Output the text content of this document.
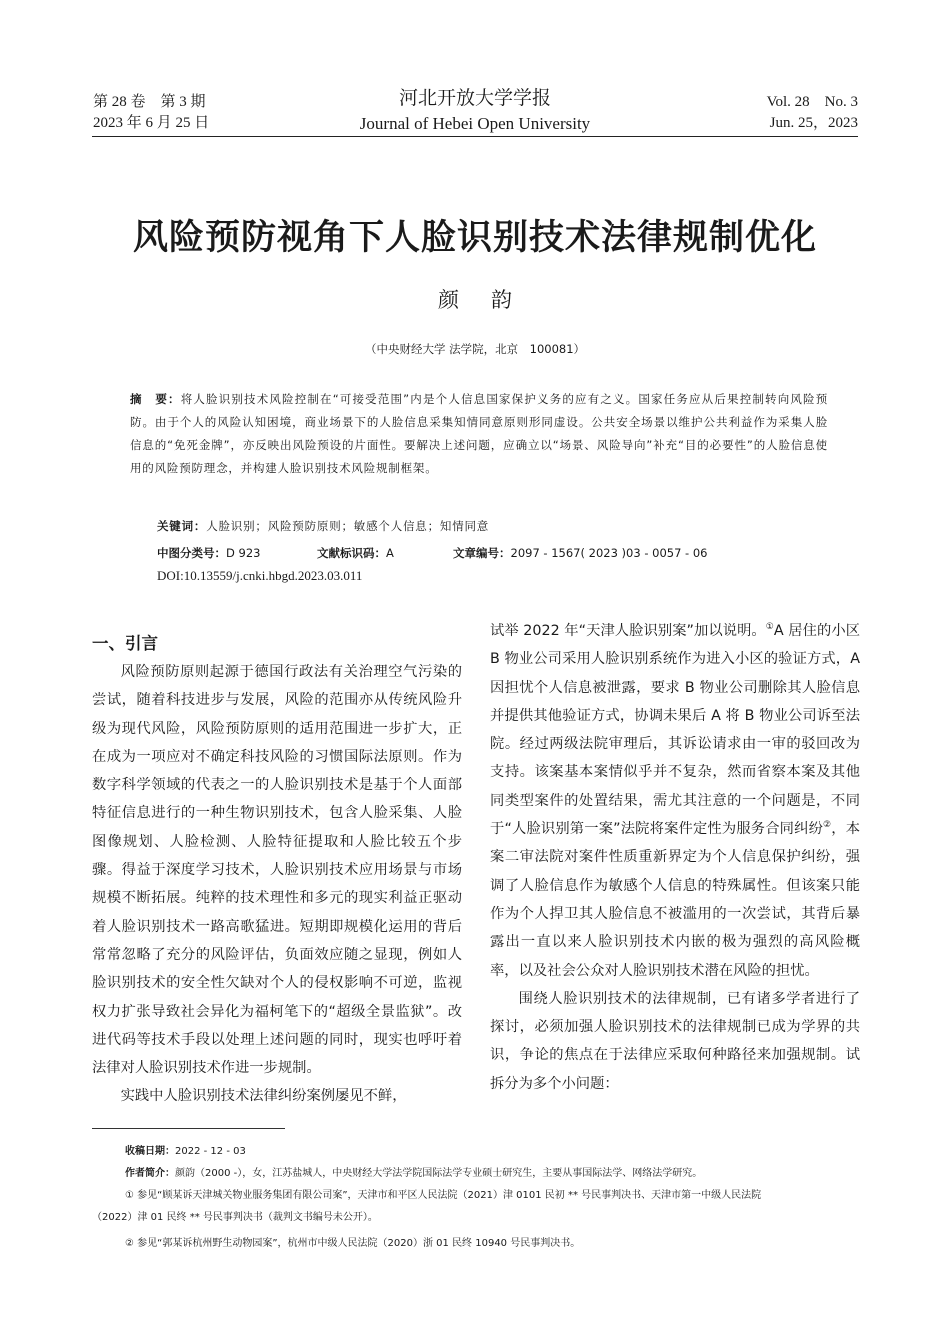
第 28 卷　第 3 期
2023 年 6 月 25 日
河北开放大学学报
Journal of Hebei Open University
Vol. 28　No. 3
Jun. 25，2023
风险预防视角下人脸识别技术法律规制优化
颜韵
（中央财经大学 法学院，北京　100081）
摘　要：将人脸识别技术风险控制在“可接受范围”内是个人信息国家保护义务的应有之义。国家任务应从后果控制转向风险预防。由于个人的风险认知困境，商业场景下的人脸信息采集知情同意原则形同虚设。公共安全场景以维护公共利益作为采集人脸信息的“免死金牌”，亦反映出风险预设的片面性。要解决上述问题，应确立以“场景、风险导向”补充“目的必要性”的人脸信息使用的风险预防理念，并构建人脸识别技术风险规制框架。
关键词：人脸识别；风险预防原则；敏感个人信息；知情同意
中图分类号：D 923	文献标识码：A	文章编号：2097 - 1567( 2023 )03 - 0057 - 06
DOI:10.13559/j.cnki.hbgd.2023.03.011
一、引言

风险预防原则起源于德国行政法有关治理空气污染的尝试，随着科技进步与发展，风险的范围亦从传统风险升级为现代风险，风险预防原则的适用范围进一步扩大，正在成为一项应对不确定科技风险的习惯国际法原则。作为数字科学领域的代表之一的人脸识别技术是基于个人面部特征信息进行的一种生物识别技术，包含人脸采集、人脸图像规划、人脸检测、人脸特征提取和人脸比较五个步骤。得益于深度学习技术，人脸识别技术应用场景与市场规模不断拓展。纯粹的技术理性和多元的现实利益正驱动着人脸识别技术一路高歌猛进。短期即规模化运用的背后常常忽略了充分的风险评估，负面效应随之显现，例如人脸识别技术的安全性欠缺对个人的侵权影响不可逆，监视权力扩张导致社会异化为福柯笔下的“超级全景监狱”。改进代码等技术手段以处理上述问题的同时，现实也呼吁着法律对人脸识别技术作进一步规制。

实践中人脸识别技术法律纠纷案例屡见不鲜，

试举 2022 年“天津人脸识别案”加以说明。①A 居住的小区 B 物业公司采用人脸识别系统作为进入小区的验证方式，A 因担忧个人信息被泄露，要求 B 物业公司删除其人脸信息并提供其他验证方式，协调未果后 A 将 B 物业公司诉至法院。经过两级法院审理后，其诉讼请求由一审的驳回改为支持。该案基本案情似乎并不复杂，然而省察本案及其他同类型案件的处置结果，需尤其注意的一个问题是，不同于“人脸识别第一案”法院将案件定性为服务合同纠纷②，本案二审法院对案件性质重新界定为个人信息保护纠纷，强调了人脸信息作为敏感个人信息的特殊属性。但该案只能作为个人捍卫其人脸信息不被滥用的一次尝试，其背后暴露出一直以来人脸识别技术内嵌的极为强烈的高风险概率，以及社会公众对人脸识别技术潜在风险的担忧。

围绕人脸识别技术的法律规制，已有诸多学者进行了探讨，必须加强人脸识别技术的法律规制已成为学界的共识，争论的焦点在于法律应采取何种路径来加强规制。试拆分为多个小问题：

收稿日期：2022 - 12 - 03
作者简介：颜韵（2000 -），女，江苏盐城人，中央财经大学法学院国际法学专业硕士研究生，主要从事国际法学、网络法学研究。
① 参见“顾某诉天津城关物业服务集团有限公司案”，天津市和平区人民法院（2021）津 0101 民初 ** 号民事判决书、天津市第一中级人民法院
（2022）津 01 民终 ** 号民事判决书（裁判文书编号未公开）。
② 参见“郭某诉杭州野生动物园案”，杭州市中级人民法院（2020）浙 01 民终 10940 号民事判决书。
